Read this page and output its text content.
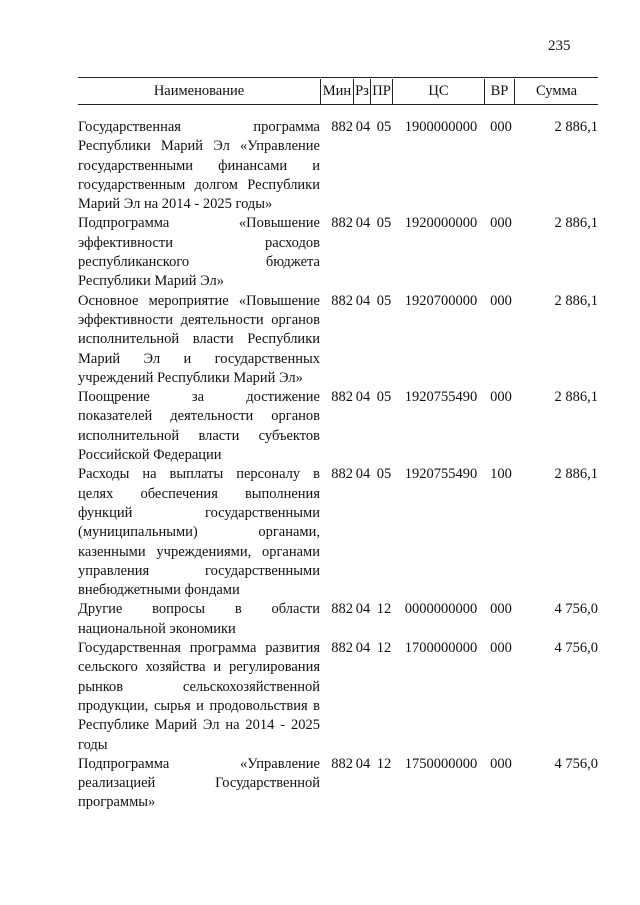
235
Наименование	Мин Рз ПР	ЦС	ВР	Сумма
Государственная программа Республики Марий Эл «Управление государственными финансами и государственным долгом Республики Марий Эл на 2014 - 2025 годы»
882 04 05 1900000000 000	2 886,1
Подпрограмма «Повышение эффективности расходов республиканского бюджета Республики Марий Эл»
882 04 05 1920000000 000	2 886,1
Основное мероприятие «Повышение эффективности деятельности органов исполнительной власти Республики Марий Эл и государственных учреждений Республики Марий Эл»
882 04 05 1920700000 000	2 886,1
Поощрение за достижение показателей деятельности органов исполнительной власти субъектов Российской Федерации
882 04 05 1920755490 000	2 886,1
Расходы на выплаты персоналу в целях обеспечения выполнения функций государственными (муниципальными) органами, казенными учреждениями, органами управления государственными внебюджетными фондами
882 04 05 1920755490 100	2 886,1
Другие вопросы в области национальной экономики
882 04 12 0000000000 000	4 756,0
Государственная программа развития сельского хозяйства и регулирования рынков сельскохозяйственной продукции, сырья и продовольствия в Республике Марий Эл на 2014 - 2025 годы
882 04 12 1700000000 000	4 756,0
Подпрограмма «Управление реализацией Государственной программы»
882 04 12 1750000000 000	4 756,0
